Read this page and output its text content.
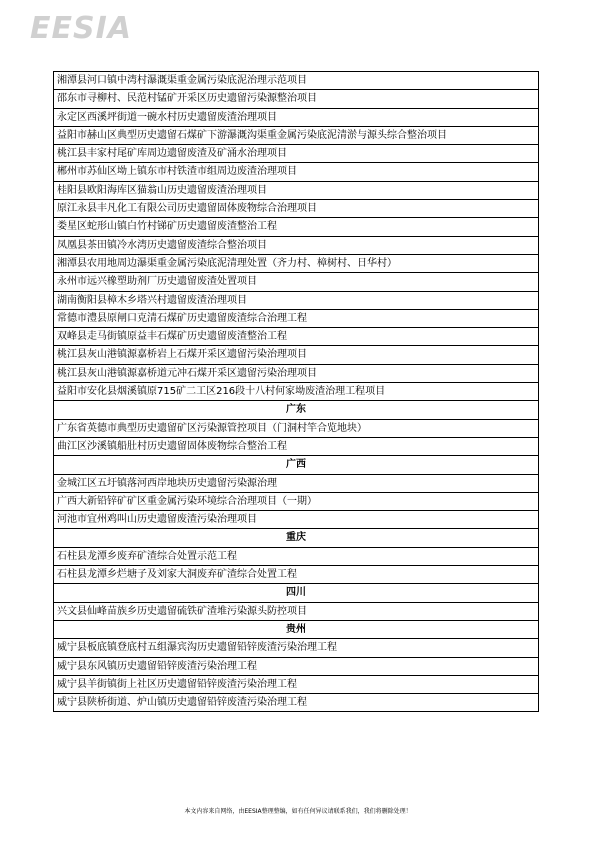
EESIA
湘潭县河口镇中湾村瀑溉渠重金属污染底泥治理示范项目
邵东市寻柳村、民范村锰矿开采区历史遗留污染源整治项目
永定区西溪坪街道一碗水村历史遗留废渣治理项目
益阳市赫山区典型历史遗留石煤矿下游瀑溉沟渠重金属污染底泥清淤与源头综合整治项目
桃江县丰家村尾矿库周边遗留废渣及矿涌水治理项目
郴州市苏仙区坳上镇东市村铁渣市组周边废渣治理项目
桂阳县欧阳海库区猫翁山历史遗留废渣治理项目
原江永县丰凡化工有限公司历史遗留固体废物综合治理项目
娄星区蛇形山镇白竹村锑矿历史遗留废渣整治工程
凤凰县茶田镇冷水湾历史遗留废渣综合整治项目
湘潭县农用地周边瀑渠重金属污染底泥清理处置（齐力村、樟树村、日华村）
永州市远兴橡塑助剂厂历史遗留废渣处置项目
湖南衡阳县樟木乡塔兴村遗留废渣治理项目
常德市澧县原闸口克清石煤矿历史遗留废渣综合治理工程
双峰县走马街镇原益丰石煤矿历史遗留废渣整治工程
桃江县灰山港镇源嘉桥岩上石煤开采区遗留污染治理项目
桃江县灰山港镇源嘉桥道元冲石煤开采区遗留污染治理项目
益阳市安化县烟溪镇原715矿二工区216段十八村何家坳废渣治理工程项目
广东
广东省英德市典型历史遗留矿区污染源管控项目（门洞村竿合览地块）
曲江区沙溪镇船肚村历史遗留固体废物综合整治工程
广西
金城江区五圩镇落河西岸地块历史遗留污染源治理
广西大新铅锌矿矿区重金属污染环境综合治理项目（一期）
河池市宜州鸡叫山历史遗留废渣污染治理项目
重庆
石柱县龙潭乡废弃矿渣综合处置示范工程
石柱县龙潭乡烂塘子及刘家大洞废弃矿渣综合处置工程
四川
兴文县仙峰苗族乡历史遗留硫铁矿渣堆污染源头防控项目
贵州
威宁县板底镇登底村五组瀑宾沟历史遗留铅锌废渣污染治理工程
威宁县东风镇历史遗留铅锌废渣污染治理工程
威宁县羊街镇街上社区历史遗留铅锌废渣污染治理工程
威宁县陕桥街道、炉山镇历史遗留铅锌废渣污染治理工程
本文内容来自网络，由EESIA整理整编，如有任何异议请联系我们，我们将删除处理！
